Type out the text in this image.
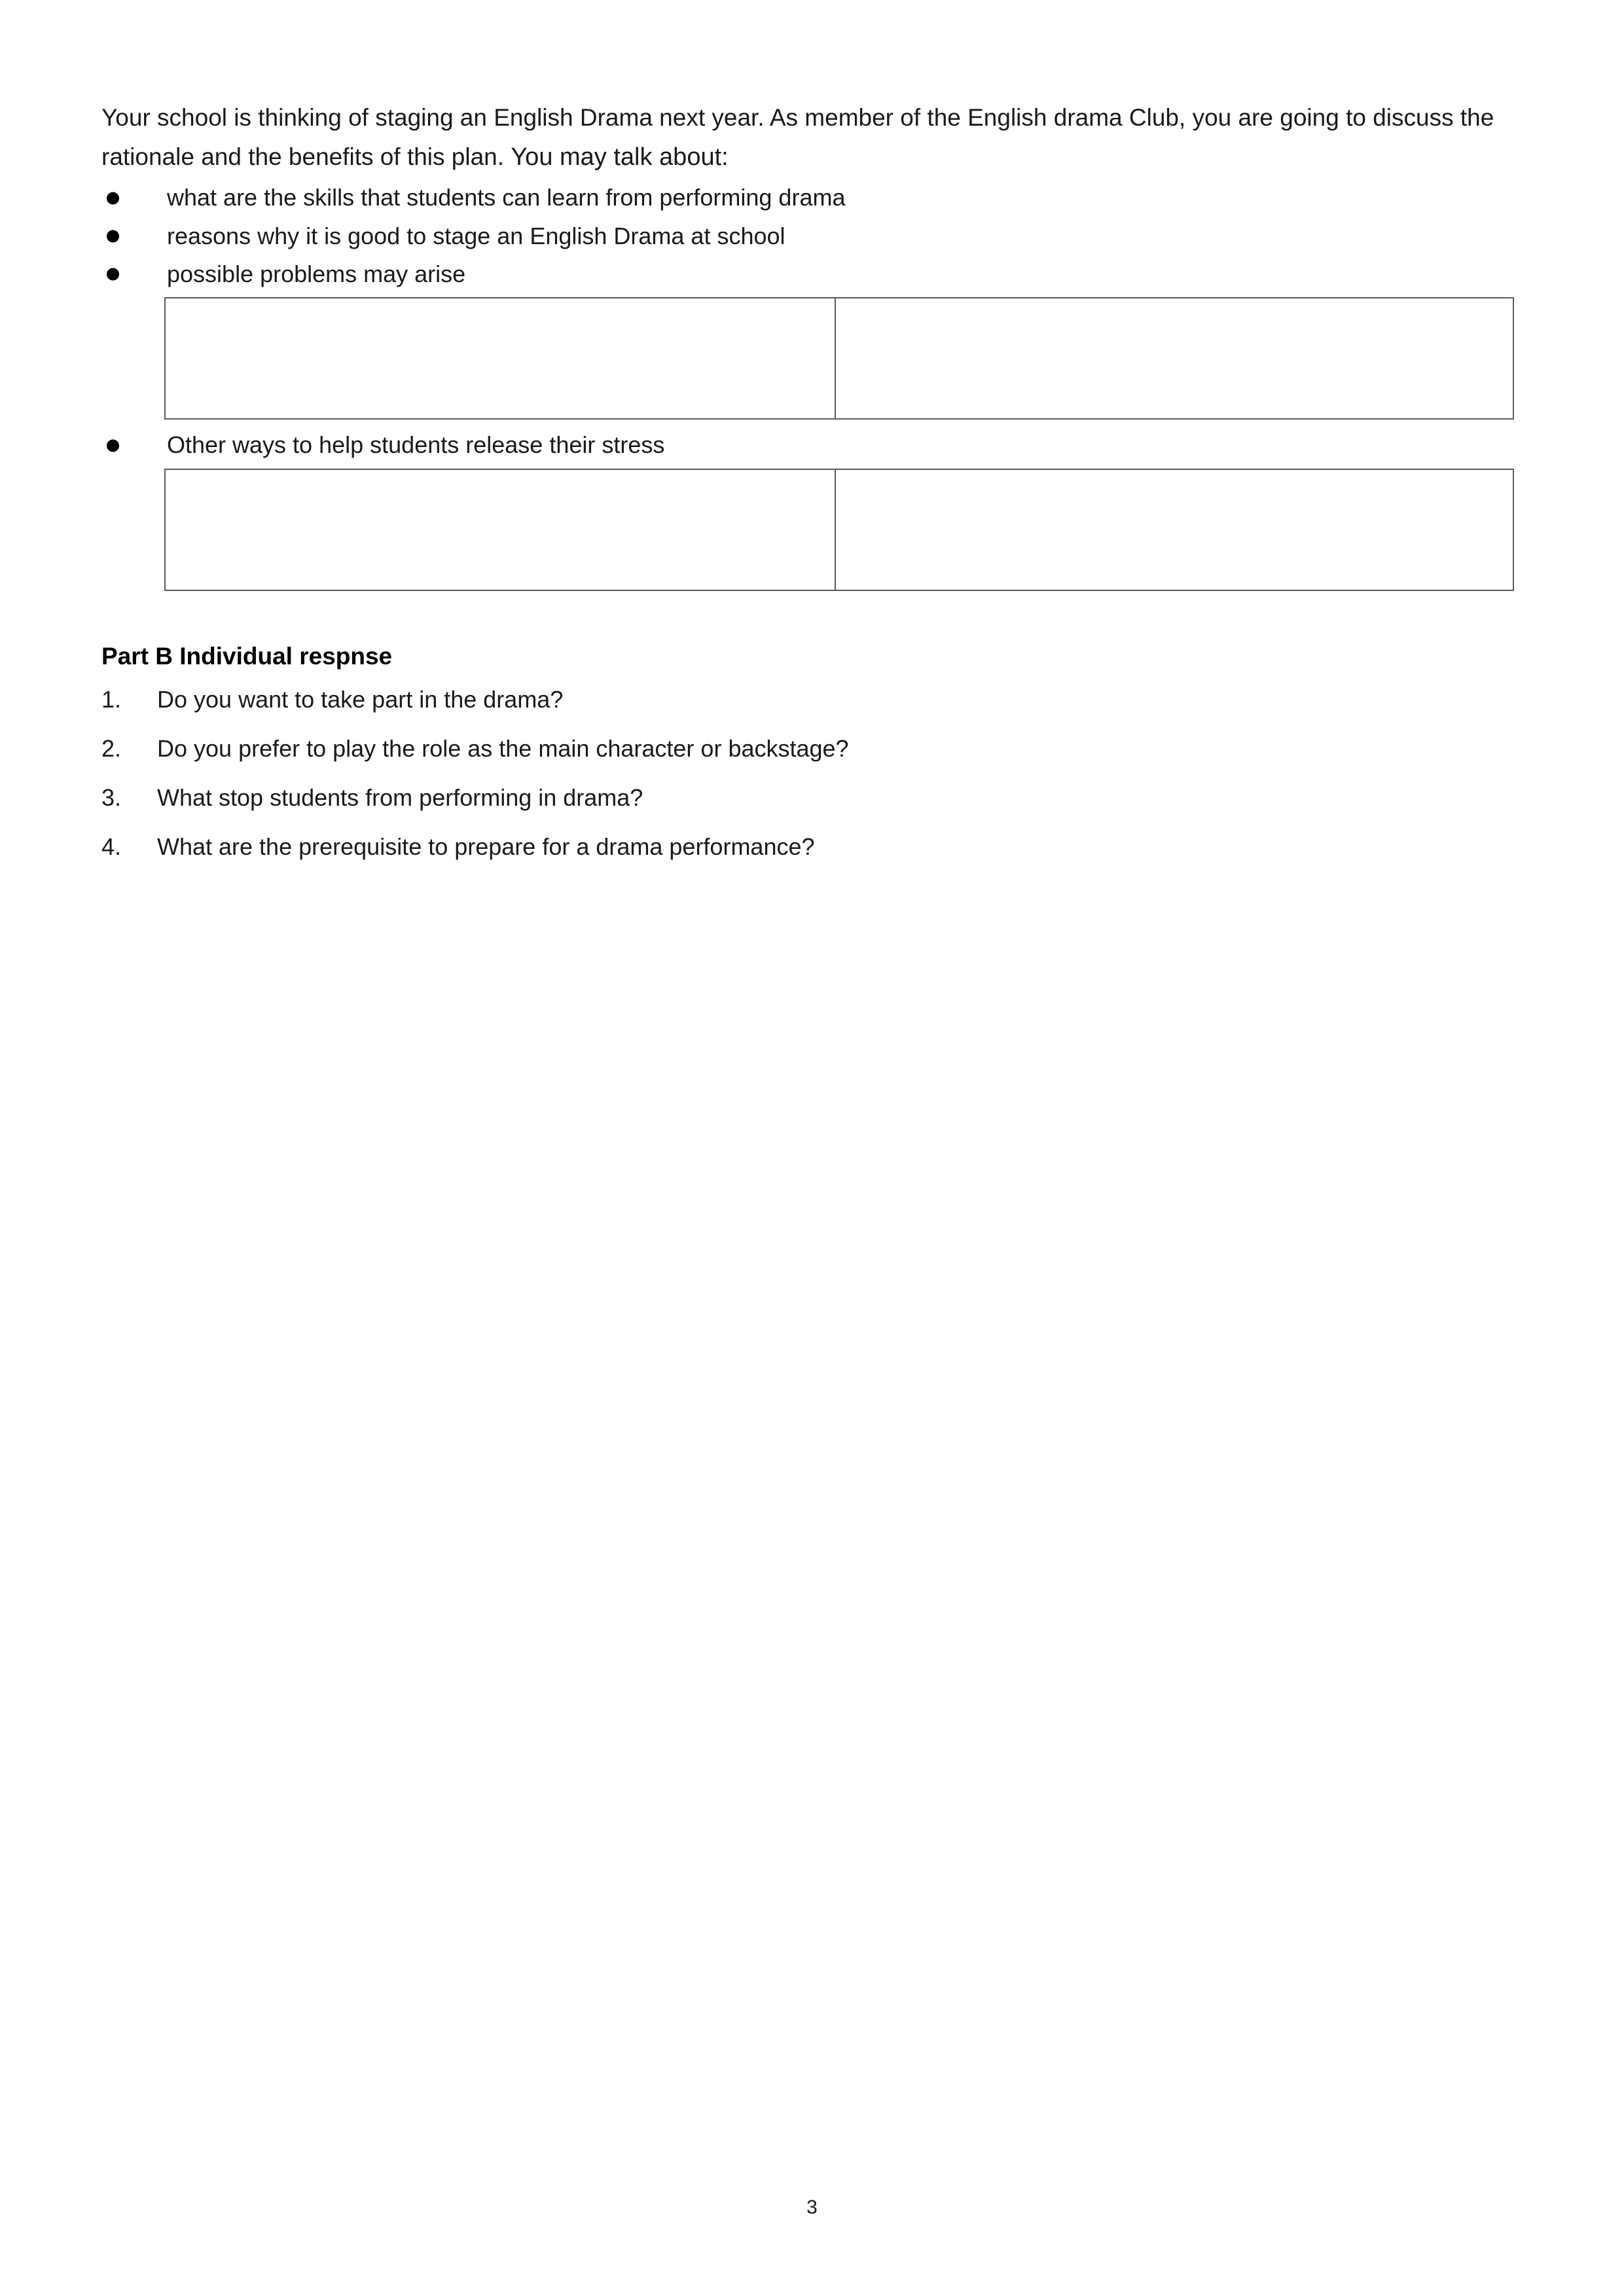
Your school is thinking of staging an English Drama next year. As member of the English drama Club, you are going to discuss the rationale and the benefits of this plan. You may talk about:

what are the skills that students can learn from performing drama
reasons why it is good to stage an English Drama at school
possible problems may arise

Other ways to help students release their stress

Part B Individual respnse

1.	Do you want to take part in the drama?
2.	Do you prefer to play the role as the main character or backstage?
3.	What stop students from performing in drama?
4.	What are the prerequisite to prepare for a drama performance?
3
